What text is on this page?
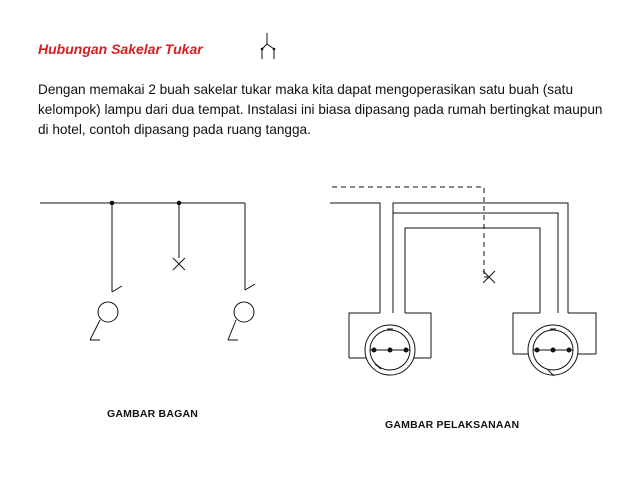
Hubungan Sakelar Tukar

Dengan memakai 2 buah sakelar tukar maka kita dapat mengoperasikan satu buah (satu kelompok) lampu dari dua tempat. Instalasi ini biasa dipasang pada rumah bertingkat maupun di hotel, contoh dipasang pada ruang tangga.

GAMBAR BAGAN
GAMBAR PELAKSANAAN
